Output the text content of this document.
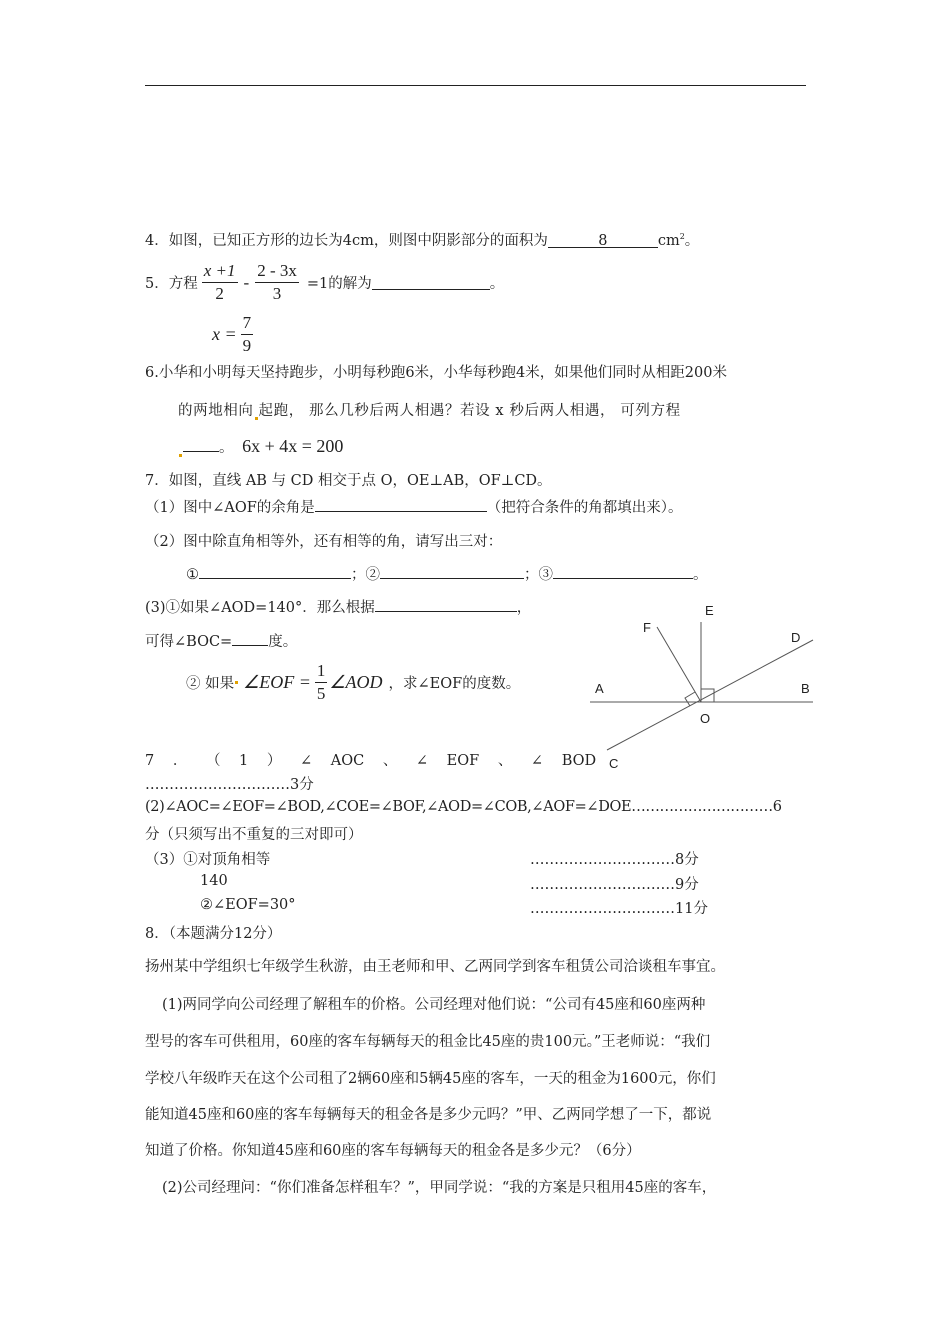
4．如图，已知正方形的边长为4cm，则图中阴影部分的面积为	8	$cm^2$。
5．方程 $\frac{x +1}{2} - \frac{2 - 3x}{3} =1$的解为	。
$x = \frac{7}{9}$
6.小华和小明每天坚持跑步，小明每秒跑6米，小华每秒跑4米，如果他们同时从相距200米
的两地相向 起跑， 那么几秒后两人相遇？若设 x 秒后两人相遇， 可列方程
。 6x + 4x = 200
7．如图，直线 AB 与 CD 相交于点 O，OE⊥AB，OF⊥CD。
（1）图中∠AOF的余角是	（把符合条件的角都填出来）。
（2）图中除直角相等外，还有相等的角，请写出三对：
①	；②	；③	。
(3)①如果∠AOD=140°．那么根据	，
可得∠BOC= 度。
② 如果 ∠EOF = $\frac{1}{5}$ ∠AOD ，求∠EOF的度数。	A	B
C
D
E
F
O
7 ． （ 1 ） ∠ AOC 、 ∠ EOF 、 ∠ BOD
…………………………3分
(2)∠AOC=∠EOF=∠BOD,∠COE=∠BOF,∠AOD=∠COB,∠AOF=∠DOE…………………………6
分（只须写出不重复的三对即可）
（3）①对顶角相等	…………………………8分
140	…………………………9分
②∠EOF=30°	…………………………11分
8．（本题满分12分）
扬州某中学组织七年级学生秋游，由王老师和甲、乙两同学到客车租赁公司洽谈租车事宜。
(1)两同学向公司经理了解租车的价格。公司经理对他们说：“公司有45座和60座两种
型号的客车可供租用，60座的客车每辆每天的租金比45座的贵100元。”王老师说：“我们
学校八年级昨天在这个公司租了2辆60座和5辆45座的客车，一天的租金为1600元，你们
能知道45座和60座的客车每辆每天的租金各是多少元吗？”甲、乙两同学想了一下，都说
知道了价格。你知道45座和60座的客车每辆每天的租金各是多少元？（6分）
(2)公司经理问：“你们准备怎样租车？”，甲同学说：“我的方案是只租用45座的客车，
